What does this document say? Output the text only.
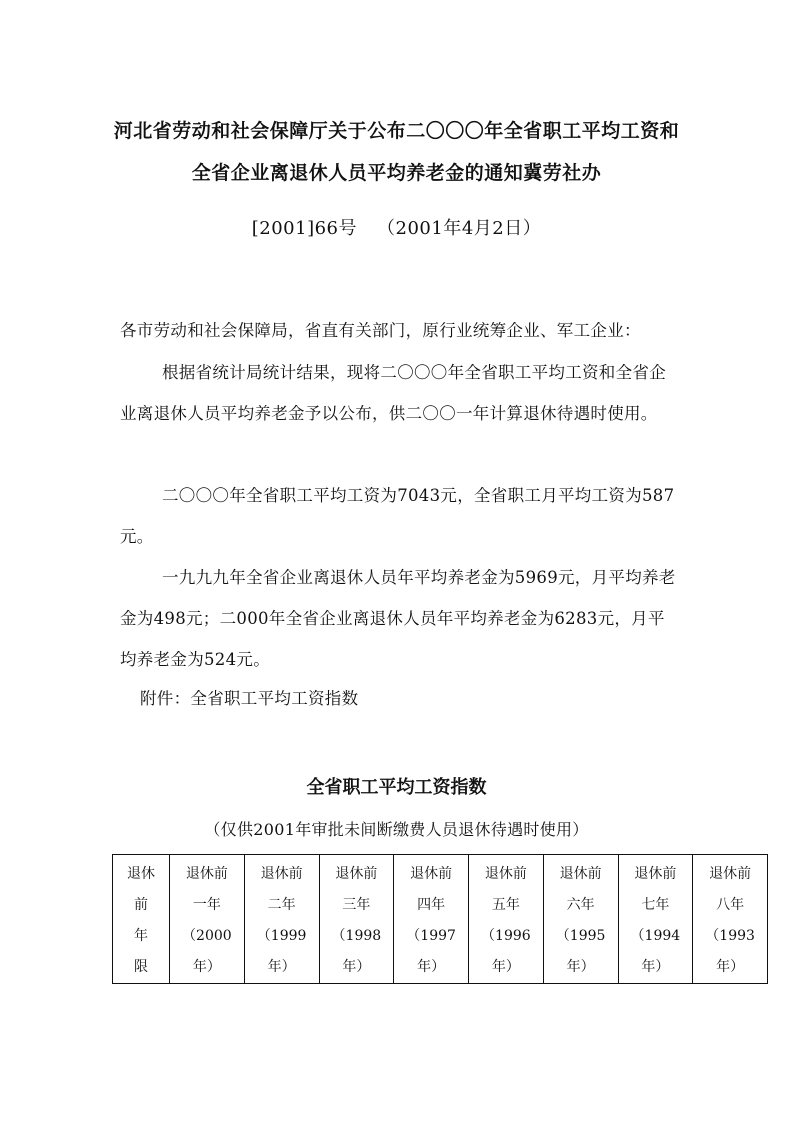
河北省劳动和社会保障厅关于公布二〇〇〇年全省职工平均工资和
全省企业离退休人员平均养老金的通知冀劳社办
[2001]66号 （2001年4月2日）
各市劳动和社会保障局，省直有关部门，原行业统筹企业、军工企业：
根据省统计局统计结果，现将二〇〇〇年全省职工平均工资和全省企业离退休人员平均养老金予以公布，供二〇〇一年计算退休待遇时使用。
二〇〇〇年全省职工平均工资为7043元，全省职工月平均工资为587元。
一九九九年全省企业离退休人员年平均养老金为5969元，月平均养老金为498元；二000年全省企业离退休人员年平均养老金为6283元，月平均养老金为524元。
附件：全省职工平均工资指数
全省职工平均工资指数
（仅供2001年审批未间断缴费人员退休待遇时使用）
退休
前
年
限

退休前
一年
（2000
年）

退休前
二年
（1999
年）

退休前
三年
（1998
年）

退休前
四年
（1997
年）

退休前
五年
（1996
年）

退休前
六年
（1995
年）

退休前
七年
（1994
年）

退休前
八年
（1993
年）
